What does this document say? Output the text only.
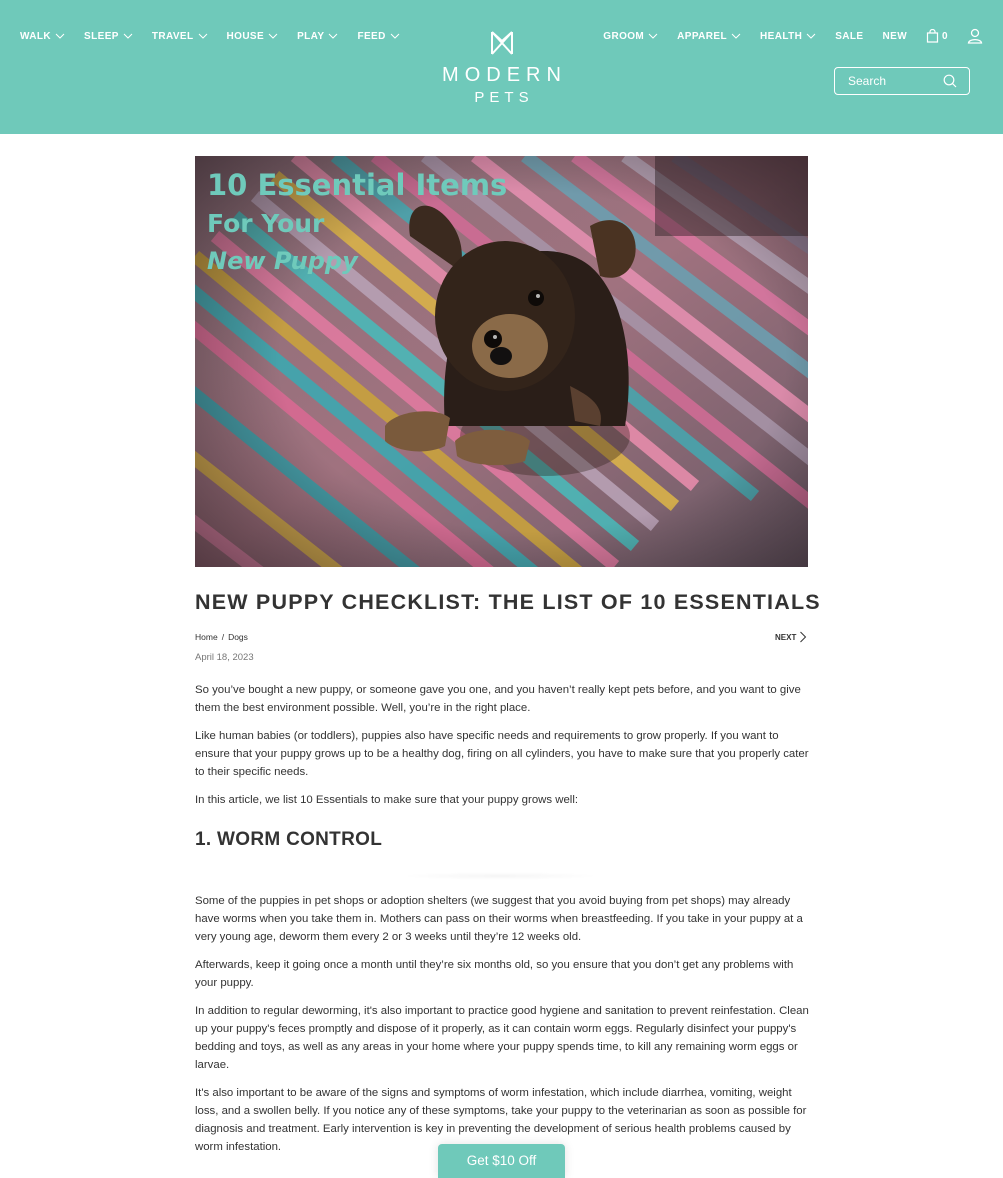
WALK	SLEEP	TRAVEL	HOUSE	PLAY	FEED
MODERN
PETS
GROOM	APPAREL	HEALTH	SALE NEW	0
Search
10 Essential Items
For Your
New Puppy
NEW PUPPY CHECKLIST: THE LIST OF 10 ESSENTIALS
Home / Dogs	NEXT
April 18, 2023

So you’ve bought a new puppy, or someone gave you one, and you haven’t really kept pets before, and you want to give them the best environment possible. Well, you’re in the right place.

Like human babies (or toddlers), puppies also have specific needs and requirements to grow properly. If you want to ensure that your puppy grows up to be a healthy dog, firing on all cylinders, you have to make sure that you properly cater to their specific needs.

In this article, we list 10 Essentials to make sure that your puppy grows well:

1. WORM CONTROL

Some of the puppies in pet shops or adoption shelters (we suggest that you avoid buying from pet shops) may already have worms when you take them in. Mothers can pass on their worms when breastfeeding. If you take in your puppy at a very young age, deworm them every 2 or 3 weeks until they’re 12 weeks old.

Afterwards, keep it going once a month until they’re six months old, so you ensure that you don’t get any problems with your puppy.

In addition to regular deworming, it's also important to practice good hygiene and sanitation to prevent reinfestation. Clean up your puppy's feces promptly and dispose of it properly, as it can contain worm eggs. Regularly disinfect your puppy's bedding and toys, as well as any areas in your home where your puppy spends time, to kill any remaining worm eggs or larvae.

It's also important to be aware of the signs and symptoms of worm infestation, which include diarrhea, vomiting, weight loss, and a swollen belly. If you notice any of these symptoms, take your puppy to the veterinarian as soon as possible for diagnosis and treatment. Early intervention is key in preventing the development of serious health problems caused by worm infestation.

Get $10 Off
